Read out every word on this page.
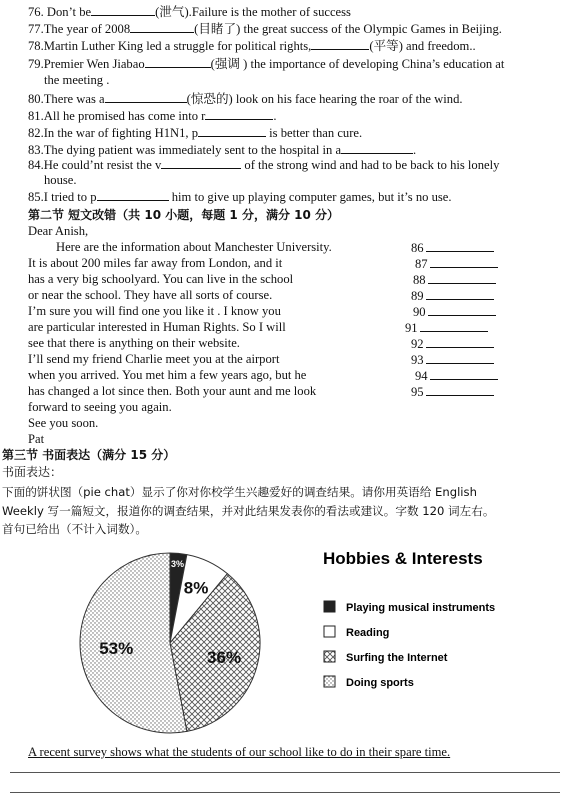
76. Don’t be	(泄气).Failure is the mother of success
77.The year of 2008	(目睹了) the great success of the Olympic Games in Beijing.
78.Martin Luther King led a struggle for political rights,	(平等) and freedom..
79.Premier Wen Jiabao	(强调 ) the importance of developing China’s education at
the meeting .
80.There was a	(惊恐的) look on his face hearing the roar of the wind.
81.All he promised has come into r	.
82.In the war of fighting H1N1, p	is better than cure.
83.The dying patient was immediately sent to the hospital in a	.
84.He could’nt resist the v	of the strong wind and had to be back to his lonely
house.
85.I tried to p	him to give up playing computer games, but it’s no use.
第二节 短文改错（共 10 小题，每题 1 分，满分 10 分）
Dear Anish,
Here are the information about Manchester University.	86
It is about 200 miles far away from London, and it	87
has a very big schoolyard. You can live in the school	88
or near the school. They have all sorts of course.	89
I’m sure you will find one you like it . I know you	90
are particular interested in Human Rights. So I will	91
see that there is anything on their website.	92
I’ll send my friend Charlie meet you at the airport	93
when you arrived. You met him a few years ago, but he	94
has changed a lot since then. Both your aunt and me look	95
forward to seeing you again.
See you soon.
Pat
第三节 书面表达（满分 15 分）
书面表达：
下面的饼状图（pie chat）显示了你对你校学生兴趣爱好的调查结果。请你用英语给 English
Weekly 写一篇短文，报道你的调查结果，并对此结果发表你的看法或建议。字数 120 词左右。
首句已给出（不计入词数）。
3%
8%
36%
53%
Hobbies & Interests
Playing musical instruments
Reading
Surfing the Internet
Doing sports
A recent survey shows what the students of our school like to do in their spare time.
